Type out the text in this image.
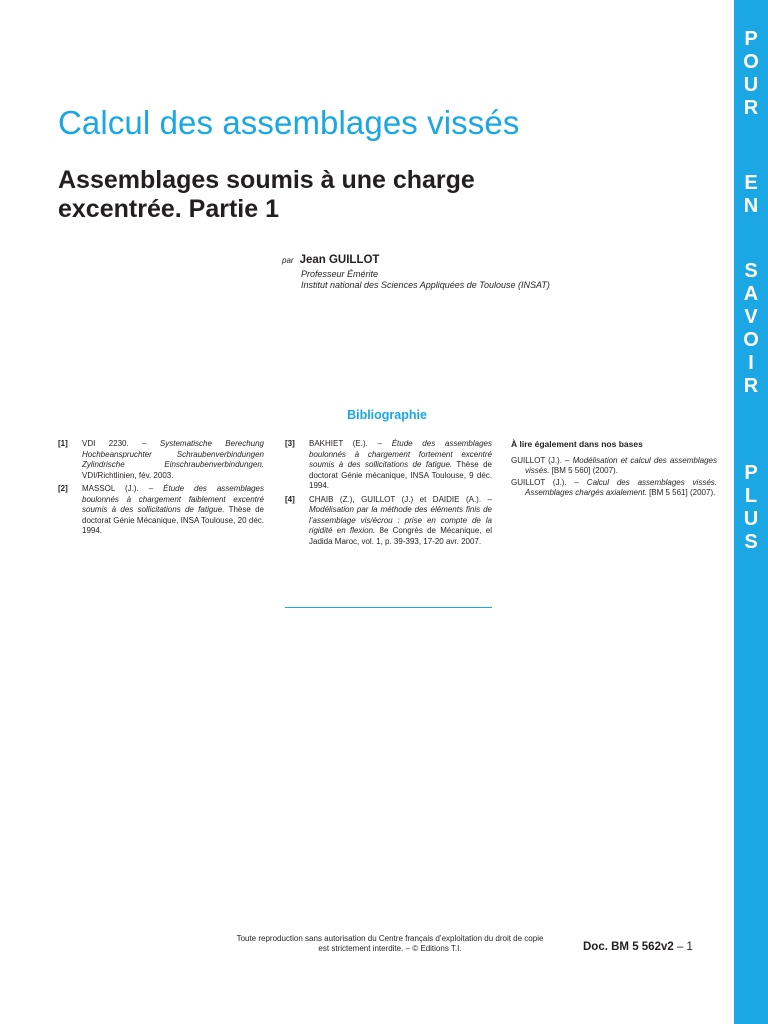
P
O
U
R
E
N
S
A
V
O
I
R
P
L
U
S
Calcul des assemblages vissés
Assemblages soumis à une charge
excentrée. Partie 1
par Jean GUILLOT
Professeur Émérite
Institut national des Sciences Appliquées de Toulouse (INSAT)
Bibliographie
[1] VDI 2230. – Systematische Berechung Hochbeanspruchter Schraubenverbindungen Zylindrische Einschraubenverbindungen. VDI/Richtlinien, fév. 2003.
[2] MASSOL (J.). – Étude des assemblages boulonnés à chargement faiblement excentré soumis à des sollicitations de fatigue. Thèse de doctorat Génie Mécanique, INSA Toulouse, 20 déc. 1994.
[3] BAKHIET (E.). – Étude des assemblages boulonnés à chargement fortement excentré soumis à des sollicitations de fatigue. Thèse de doctorat Génie mécanique, INSA Toulouse, 9 déc. 1994.
[4] CHAIB (Z.), GUILLOT (J.) et DAIDIE (A.). – Modélisation par la méthode des éléments finis de l’assemblage vis/écrou : prise en compte de la rigidité en flexion. 8e Congrès de Mécanique, el Jadida Maroc, vol. 1, p. 39-393, 17-20 avr. 2007.
À lire également dans nos bases
GUILLOT (J.). – Modélisation et calcul des assemblages vissés. [BM 5 560] (2007).
GUILLOT (J.). – Calcul des assemblages vissés. Assemblages chargés axialement. [BM 5 561] (2007).
Toute reproduction sans autorisation du Centre français d’exploitation du droit de copie
est strictement interdite. – © Editions T.I.	Doc. BM 5 562v2 – 1
